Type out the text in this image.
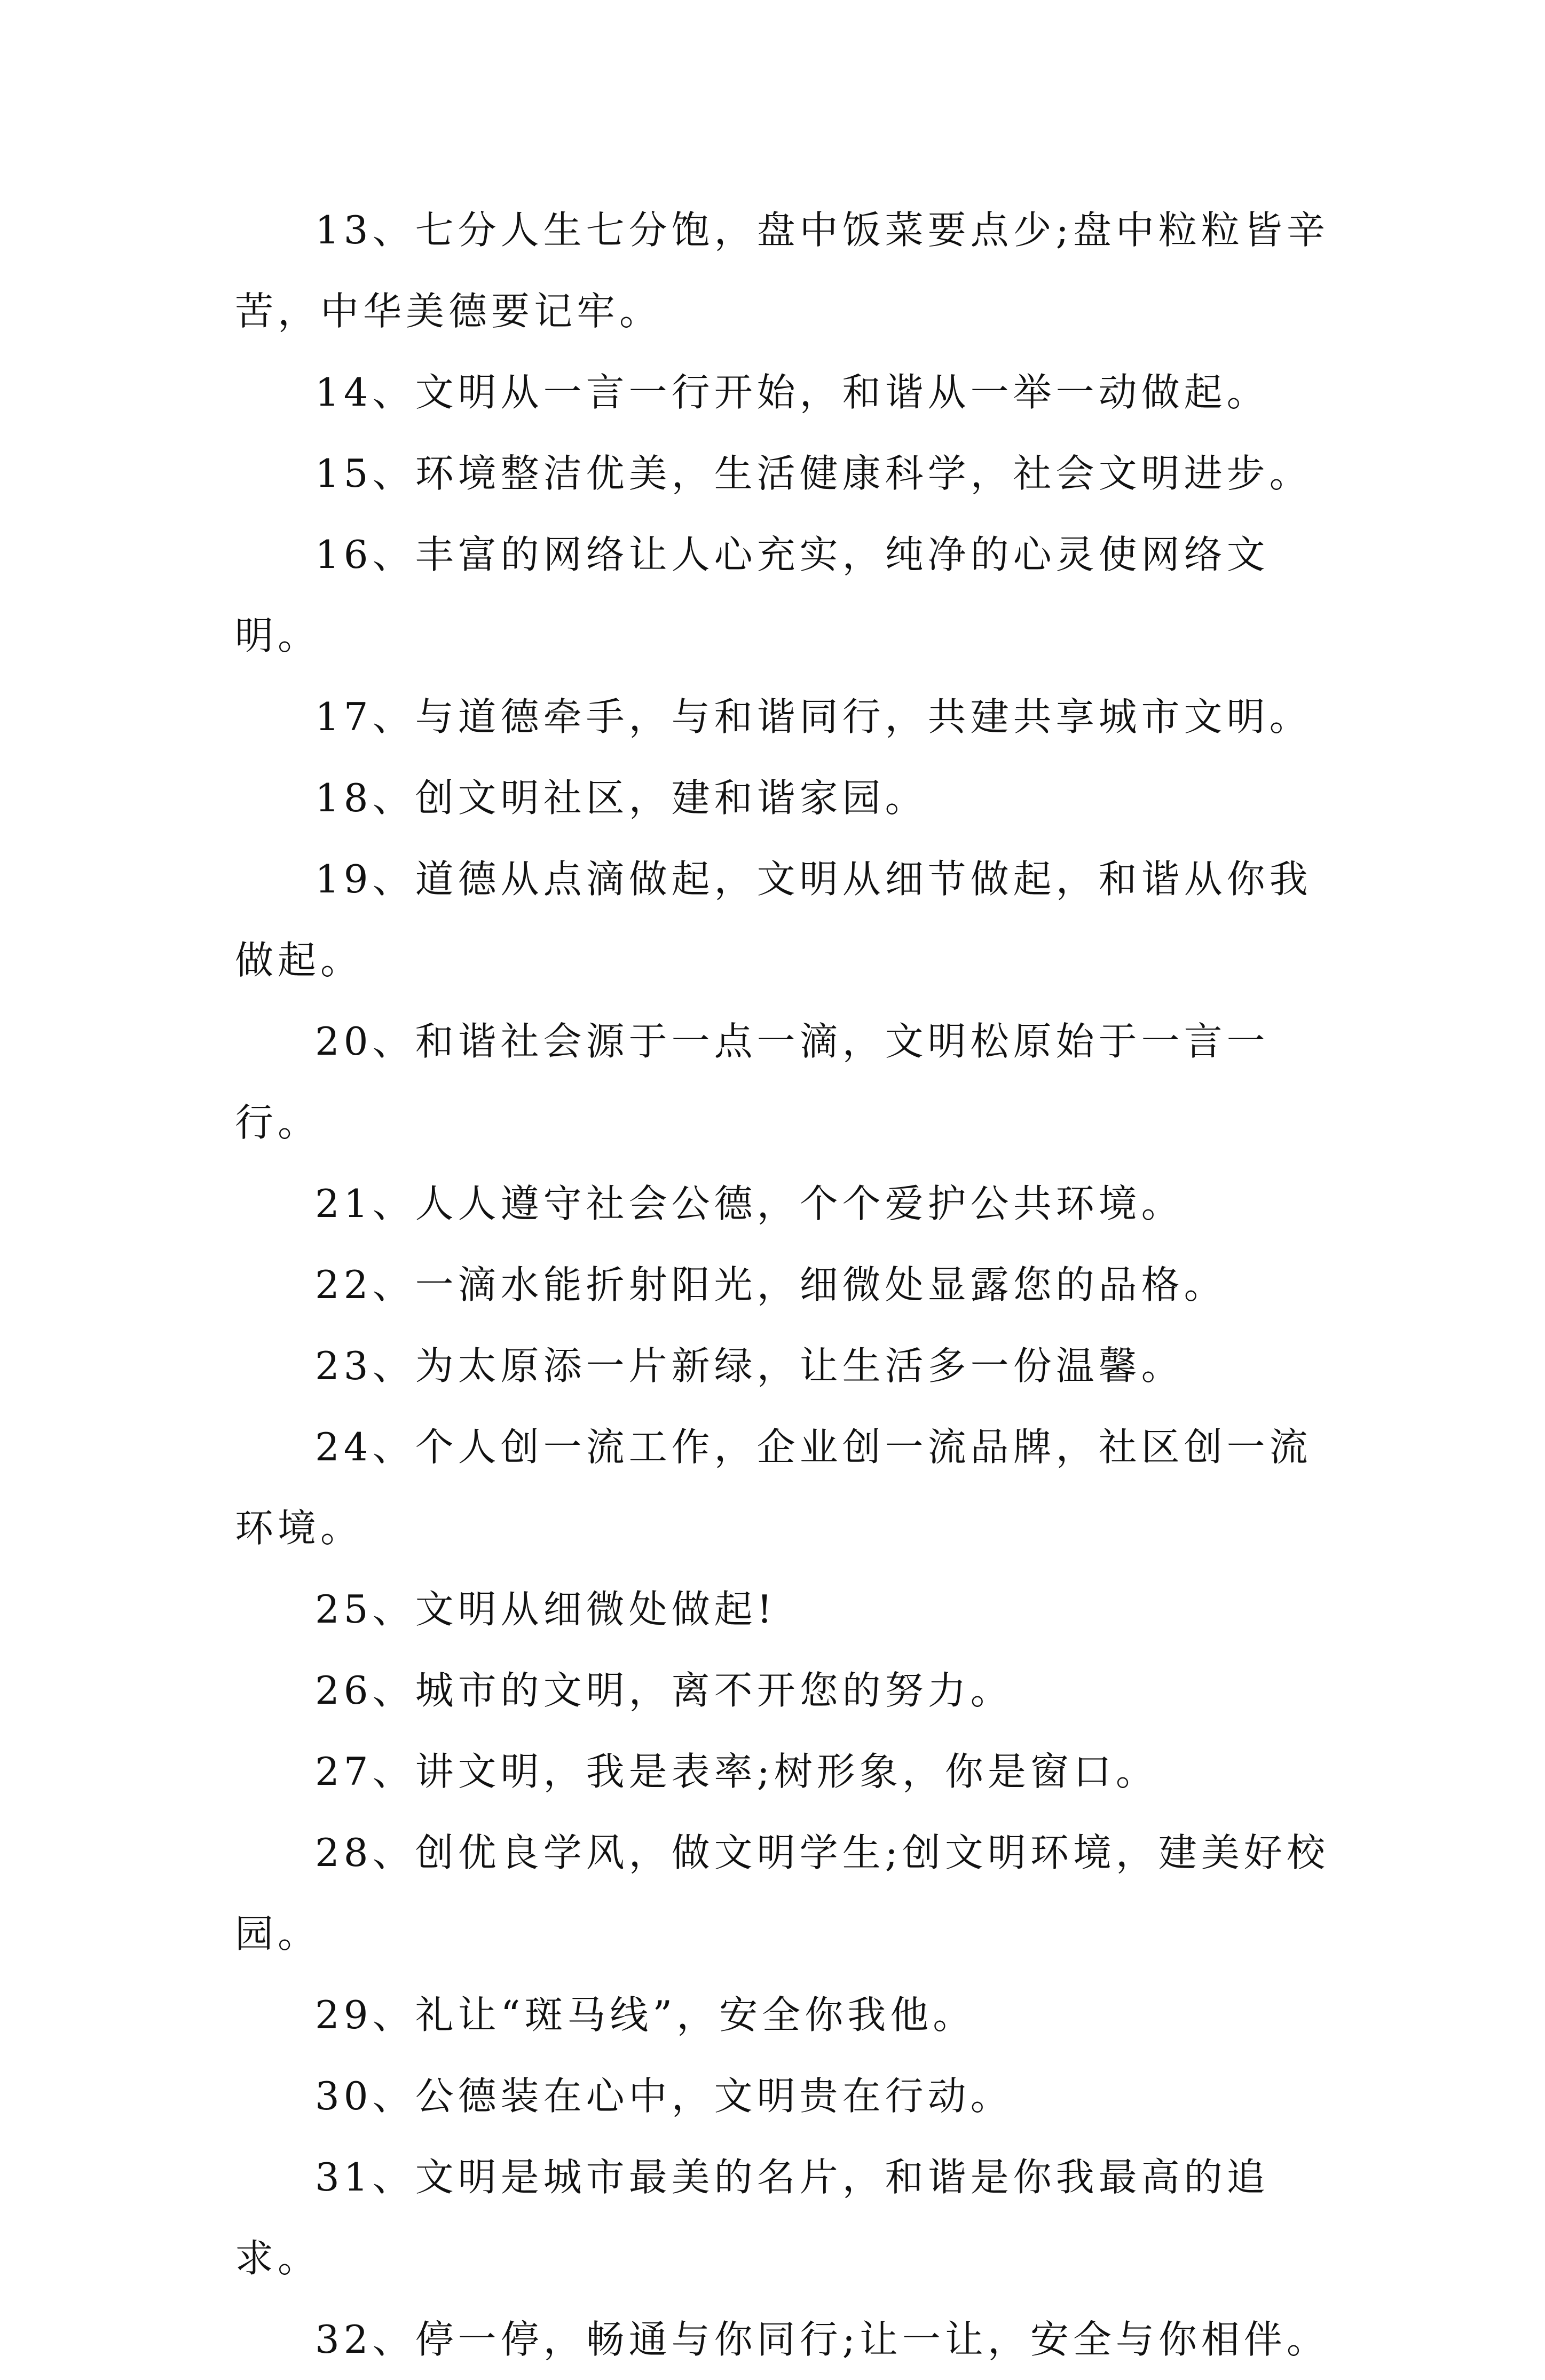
13、七分人生七分饱，盘中饭菜要点少;盘中粒粒皆辛苦，中华美德要记牢。

14、文明从一言一行开始，和谐从一举一动做起。

15、环境整洁优美，生活健康科学，社会文明进步。

16、丰富的网络让人心充实，纯净的心灵使网络文明。

17、与道德牵手，与和谐同行，共建共享城市文明。

18、创文明社区，建和谐家园。

19、道德从点滴做起，文明从细节做起，和谐从你我做起。

20、和谐社会源于一点一滴，文明松原始于一言一行。

21、人人遵守社会公德，个个爱护公共环境。

22、一滴水能折射阳光，细微处显露您的品格。

23、为太原添一片新绿，让生活多一份温馨。

24、个人创一流工作，企业创一流品牌，社区创一流环境。

25、文明从细微处做起!

26、城市的文明，离不开您的努力。

27、讲文明，我是表率;树形象，你是窗口。

28、创优良学风，做文明学生;创文明环境，建美好校园。

29、礼让“斑马线”，安全你我他。

30、公德装在心中，文明贵在行动。

31、文明是城市最美的名片，和谐是你我最高的追求。

32、停一停，畅通与你同行;让一让，安全与你相伴。
